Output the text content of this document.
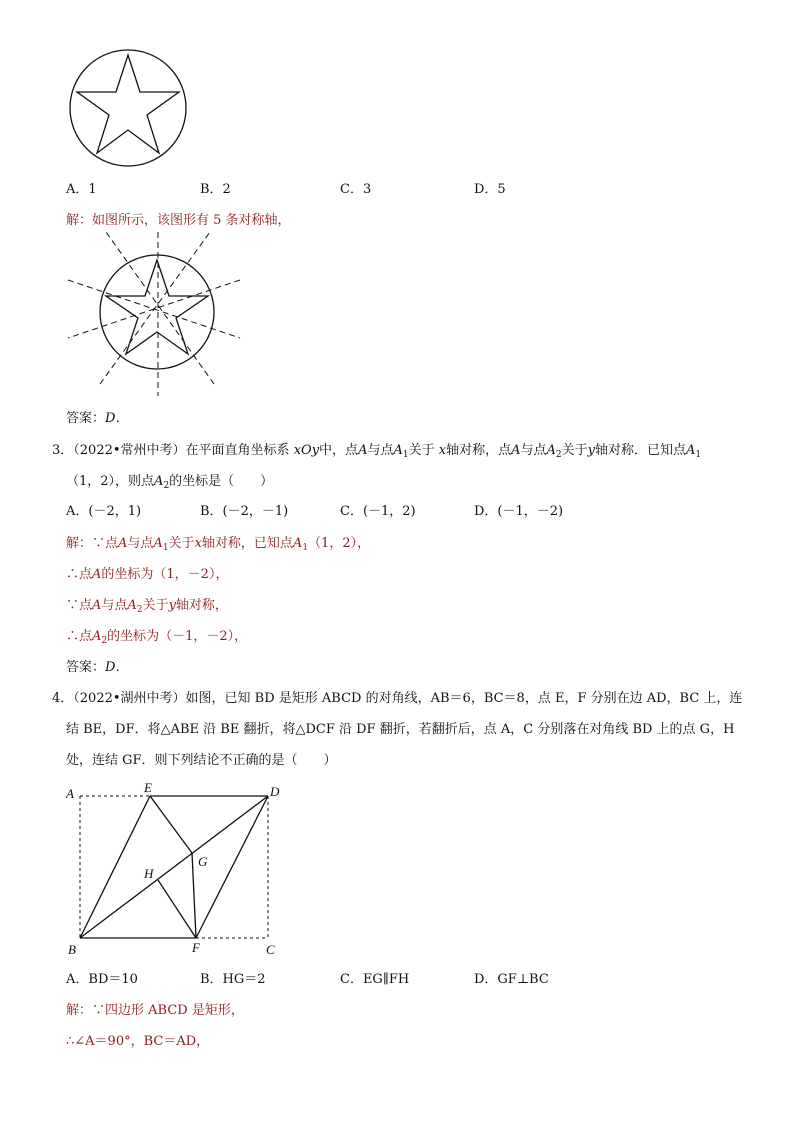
A．1	B．2	C．3	D．5
解：如图所示，该图形有 5 条对称轴，
答案：D．
3．（2022•常州中考）在平面直角坐标系 xOy中，点A与点$A_1$关于 x轴对称，点A与点$A_2$关于y轴对称．已知点$A_1$
（1，2），则点$A_2$的坐标是（　　）
A．(－2，1)	B．(－2，－1)	C．(－1，2)	D．(－1，－2)
解：∵点A与点$A_1$关于x轴对称，已知点$A_1(1$，2），
∴点A的坐标为（1，－2），
∵点A与点$A_2$关于y轴对称，
∴点$A_2$的坐标为（－1，－2），
答案：D．
4．（2022•湖州中考）如图，已知 BD 是矩形 ABCD 的对角线，AB＝6，BC＝8，点 E，F 分别在边 AD，BC 上，连
结 BE，DF．将△ABE 沿 BE 翻折，将△DCF 沿 DF 翻折，若翻折后，点 A，C 分别落在对角线 BD 上的点 G，H
处，连结 GF．则下列结论不正确的是（　　）
A	E	D
G
H
B	F	C
A．BD＝10	B．HG＝2	C．EG∥FH	D．GF⊥BC
解：∵四边形 ABCD 是矩形，
∴∠A＝90°，BC＝AD，
